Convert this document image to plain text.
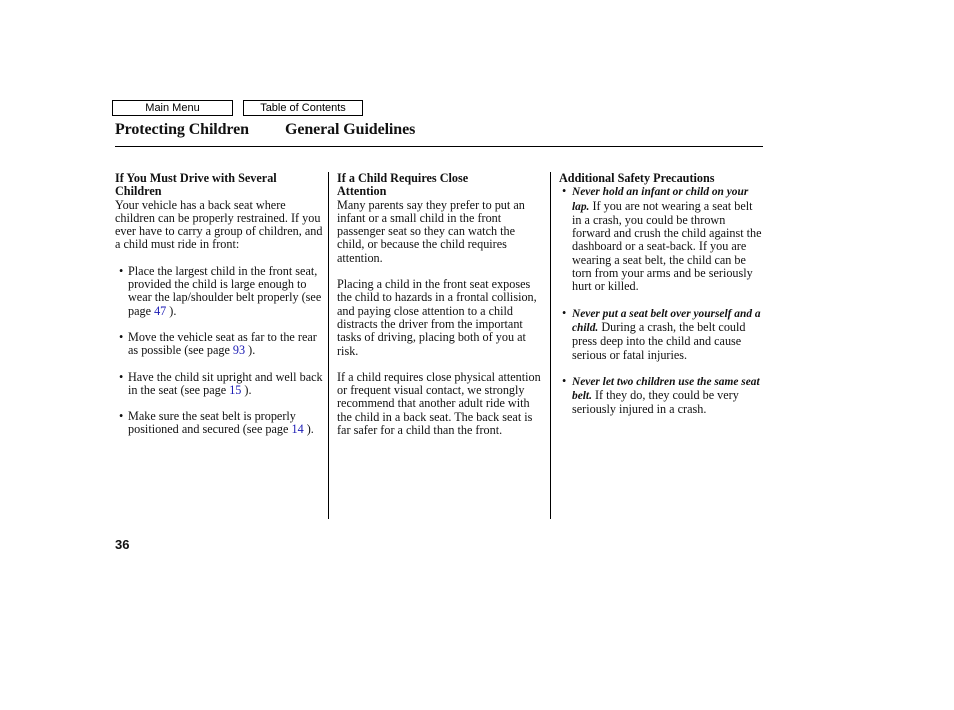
Main Menu	Table of Contents
Protecting Children General Guidelines

If You Must Drive with Several
Children

Your vehicle has a back seat where children can be properly restrained. If you ever have to carry a group of children, and a child must ride in front:

• Place the largest child in the front seat, provided the child is large enough to wear the lap/shoulder belt properly (see page 47 ).

• Move the vehicle seat as far to the rear as possible (see page 93 ).

• Have the child sit upright and well back in the seat (see page 15 ).

• Make sure the seat belt is properly positioned and secured (see page 14 ).

If a Child Requires Close
Attention

Many parents say they prefer to put an infant or a small child in the front passenger seat so they can watch the child, or because the child requires attention.

Placing a child in the front seat exposes the child to hazards in a frontal collision, and paying close attention to a child distracts the driver from the important tasks of driving, placing both of you at risk.

If a child requires close physical attention or frequent visual contact, we strongly recommend that another adult ride with the child in a back seat. The back seat is far safer for a child than the front.

Additional Safety Precautions

• Never hold an infant or child on your lap. If you are not wearing a seat belt in a crash, you could be thrown forward and crush the child against the dashboard or a seat-back. If you are wearing a seat belt, the child can be torn from your arms and be seriously hurt or killed.

• Never put a seat belt over yourself and a child. During a crash, the belt could press deep into the child and cause serious or fatal injuries.

• Never let two children use the same seat belt. If they do, they could be very seriously injured in a crash.

36
